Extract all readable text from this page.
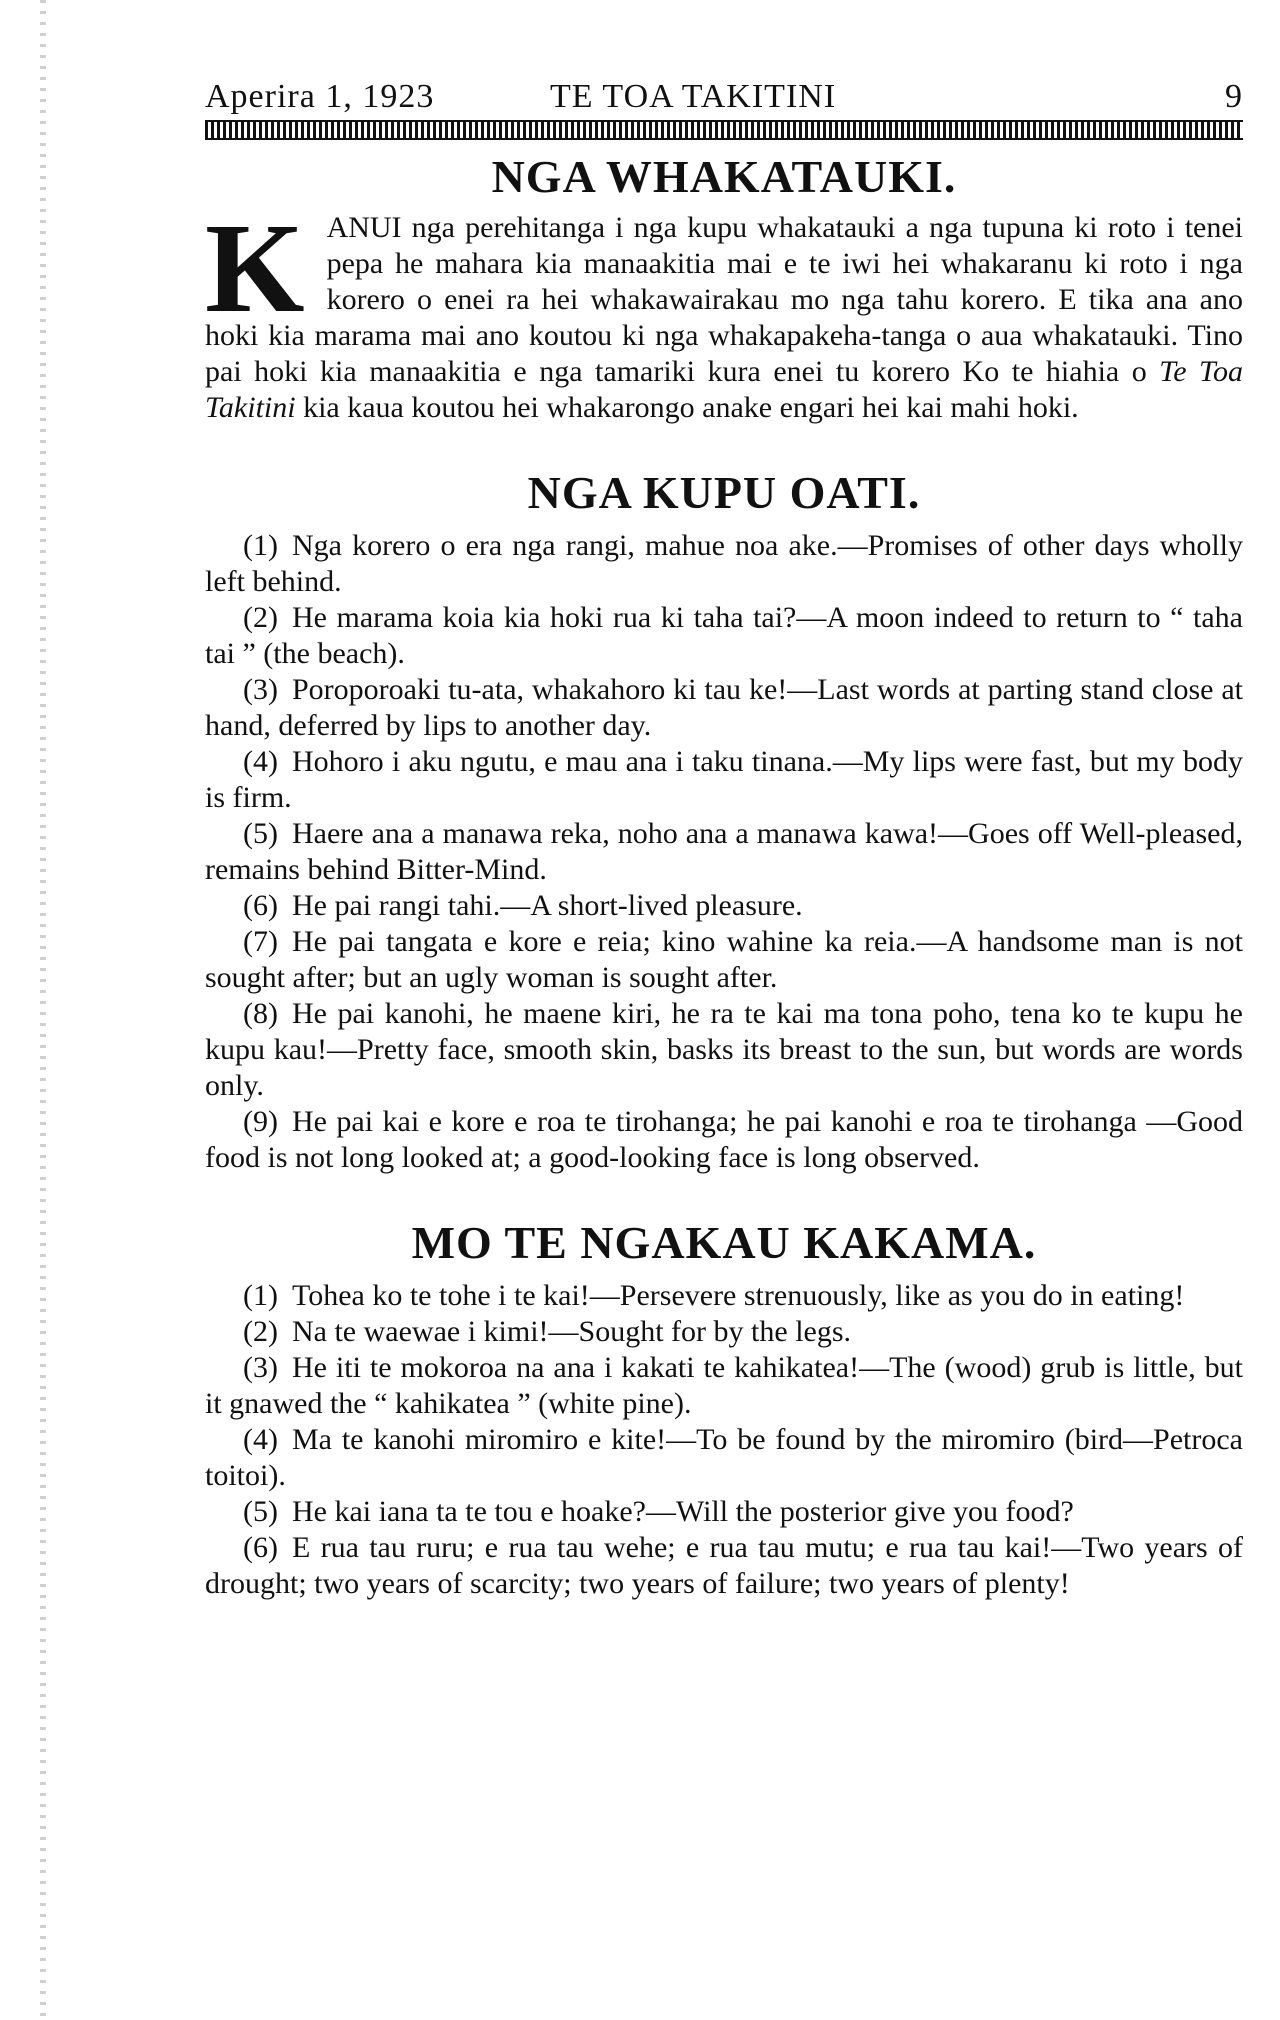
Aperira 1, 1923	TE TOA TAKITINI	9
NGA WHAKATAUKI.

KANUI nga perehitanga i nga kupu whakatauki a nga tupuna ki roto i tenei pepa he mahara kia manaakitia mai e te iwi hei whakaranu ki roto i nga korero o enei ra hei whakawairakau mo nga tahu korero. E tika ana ano hoki kia marama mai ano koutou ki nga whakapakeha-tanga o aua whakatauki. Tino pai hoki kia manaakitia e nga tamariki kura enei tu korero Ko te hiahia o Te Toa Takitini kia kaua koutou hei whakarongo anake engari hei kai mahi hoki.

NGA KUPU OATI.
(1) Nga korero o era nga rangi, mahue noa ake.—Promises of other days wholly left behind.
(2) He marama koia kia hoki rua ki taha tai?—A moon indeed to return to “ taha tai ” (the beach).
(3) Poroporoaki tu-ata, whakahoro ki tau ke!—Last words at parting stand close at hand, deferred by lips to another day.
(4) Hohoro i aku ngutu, e mau ana i taku tinana.—My lips were fast, but my body is firm.
(5) Haere ana a manawa reka, noho ana a manawa kawa!—Goes off Well-pleased, remains behind Bitter-Mind.
(6) He pai rangi tahi.—A short-lived pleasure.
(7) He pai tangata e kore e reia; kino wahine ka reia.—A handsome man is not sought after; but an ugly woman is sought after.
(8) He pai kanohi, he maene kiri, he ra te kai ma tona poho, tena ko te kupu he kupu kau!—Pretty face, smooth skin, basks its breast to the sun, but words are words only.
(9) He pai kai e kore e roa te tirohanga; he pai kanohi e roa te tirohanga —Good food is not long looked at; a good-looking face is long observed.
MO TE NGAKAU KAKAMA.
(1) Tohea ko te tohe i te kai!—Persevere strenuously, like as you do in eating!
(2) Na te waewae i kimi!—Sought for by the legs.
(3) He iti te mokoroa na ana i kakati te kahikatea!—The (wood) grub is little, but it gnawed the “ kahikatea ” (white pine).
(4) Ma te kanohi miromiro e kite!—To be found by the miromiro (bird—Petroca toitoi).
(5) He kai iana ta te tou e hoake?—Will the posterior give you food?
(6) E rua tau ruru; e rua tau wehe; e rua tau mutu; e rua tau kai!—Two years of drought; two years of scarcity; two years of failure; two years of plenty!
